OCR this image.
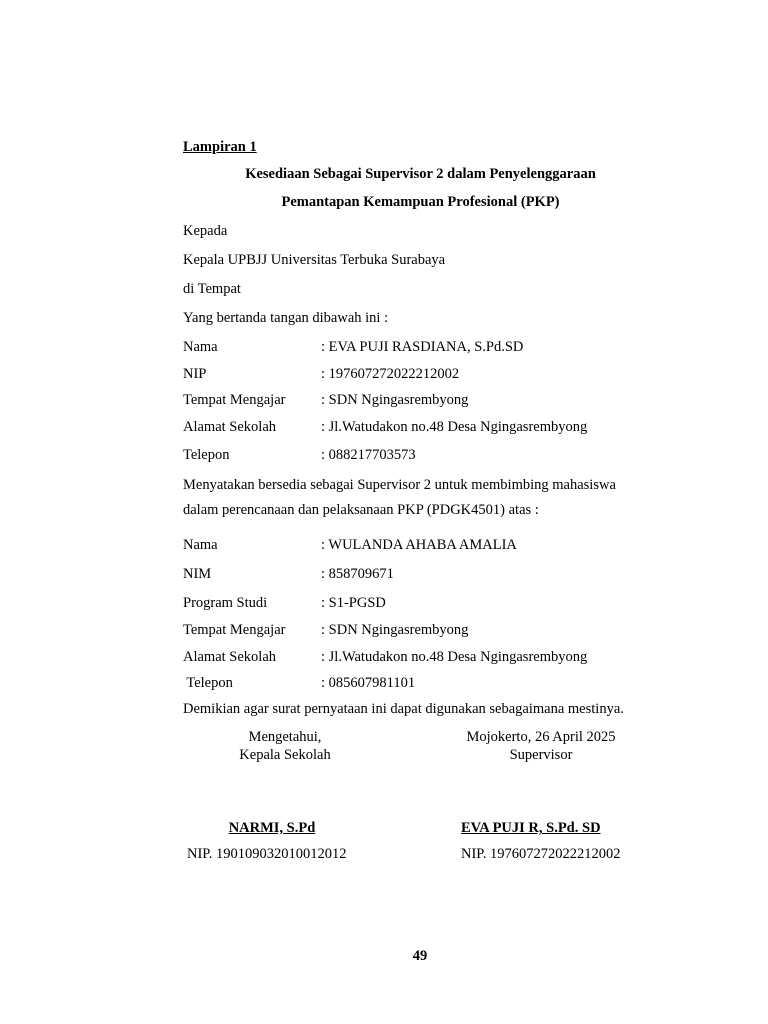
Lampiran 1
Kesediaan Sebagai Supervisor 2 dalam Penyelenggaraan
Pemantapan Kemampuan Profesional (PKP)
Kepada
Kepala UPBJJ Universitas Terbuka Surabaya
di Tempat
Yang bertanda tangan dibawah ini :
Nama	: EVA PUJI RASDIANA, S.Pd.SD
NIP	: 197607272022212002
Tempat Mengajar : SDN Ngingasrembyong
Alamat Sekolah	: Jl.Watudakon no.48 Desa Ngingasrembyong
Telepon	: 088217703573
Menyatakan bersedia sebagai Supervisor 2 untuk membimbing mahasiswa
dalam perencanaan dan pelaksanaan PKP (PDGK4501) atas :
Nama	: WULANDA AHABA AMALIA
NIM	: 858709671
Program Studi	: S1-PGSD
Tempat Mengajar : SDN Ngingasrembyong
Alamat Sekolah	: Jl.Watudakon no.48 Desa Ngingasrembyong
Telepon	: 085607981101
Demikian agar surat pernyataan ini dapat digunakan sebagaimana mestinya.
Mengetahui,
Kepala Sekolah
NARMI, S.Pd
NIP. 190109032010012012
Mojokerto, 26 April 2025
Supervisor
EVA PUJI R, S.Pd. SD
NIP. 197607272022212002
49
